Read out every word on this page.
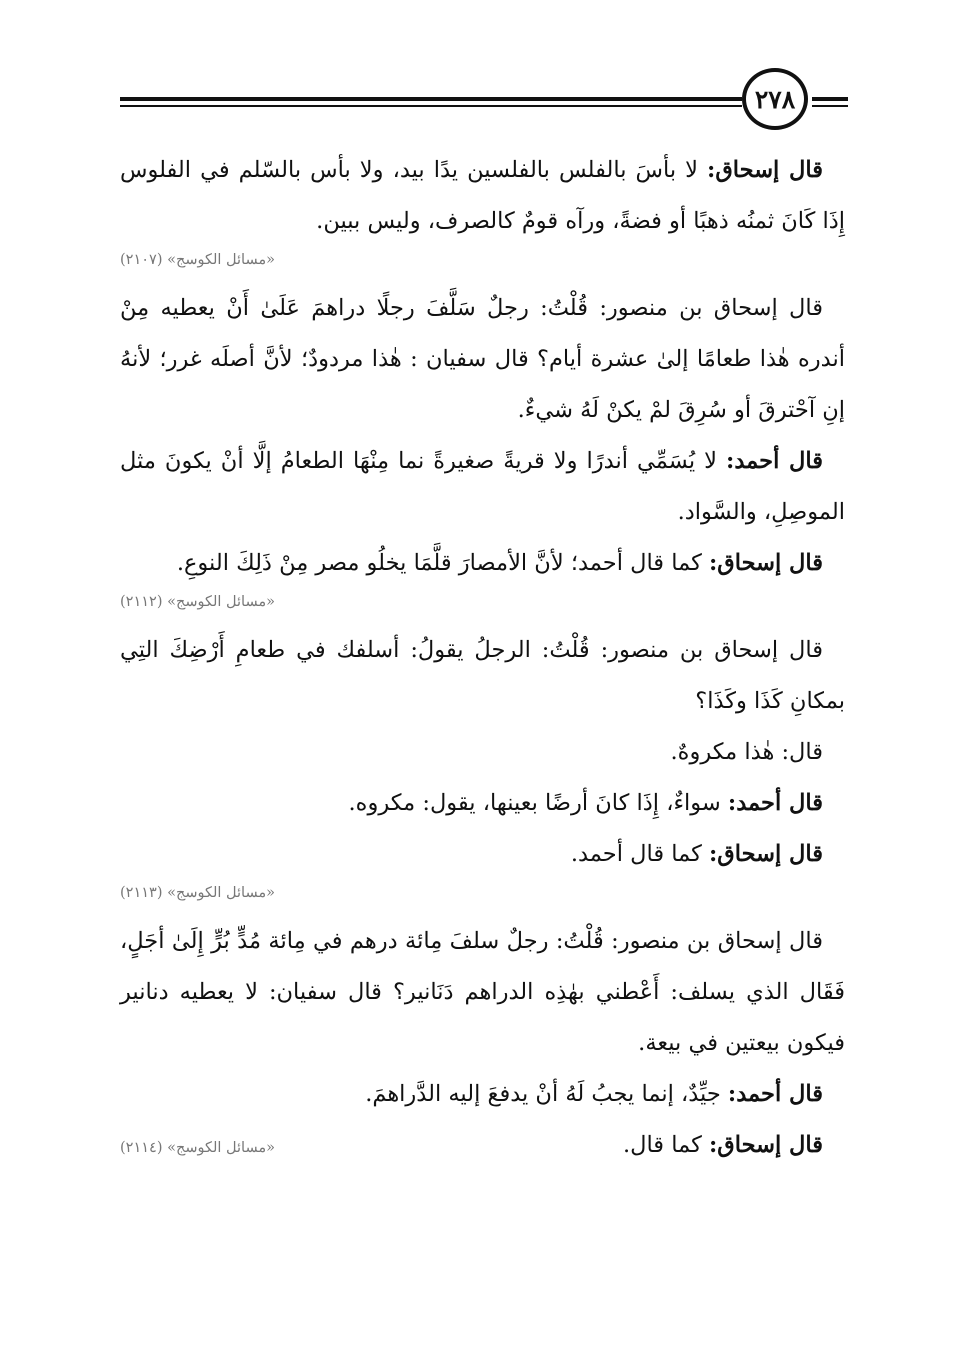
٢٧٨

قال إسحاق: لا بأسَ بالفلس بالفلسين يدًا بيد، ولا بأس بالسّلم في الفلوس إِذَا كَانَ ثمنُه ذهبًا أو فضةً، ورآه قومٌ كالصرف، وليس ببين.

«مسائل الكوسج» (٢١٠٧)

قال إسحاق بن منصور: قُلْتُ: رجلٌ سَلَّفَ رجلًا دراهمَ عَلَىٰ أَنْ يعطيه مِنْ أندره هٰذا طعامًا إلىٰ عشرة أيام؟ قال سفيان : هٰذا مردودٌ؛ لأنَّ أصلَه غرر؛ لأنهُ إنِ آحْترقَ أو سُرِقَ لمْ يكنْ لَهُ شيءٌ.

قال أحمد: لا يُسَمِّي أندرًا ولا قريةً صغيرةً نما مِنْهَا الطعامُ إلَّا أنْ يكونَ مثل الموصِلِ، والسَّواد.

قال إسحاق: كما قال أحمد؛ لأنَّ الأمصارَ قلَّمَا يخلُو مصر مِنْ ذَلِكَ النوعِ.

«مسائل الكوسج» (٢١١٢)

قال إسحاق بن منصور: قُلْتُ: الرجلُ يقولُ: أسلفك في طعامِ أَرْضِكَ التِي بمكانِ كَذَا وكَذَا؟

قال: هٰذا مكروهٌ.

قال أحمد: سواءٌ، إِذَا كانَ أرضًا بعينها، يقول: مكروه.

قال إسحاق: كما قال أحمد.

«مسائل الكوسج» (٢١١٣)

قال إسحاق بن منصور: قُلْتُ: رجلٌ سلفَ مِائة درهم في مِائة مُدٍّ بُرٍّ إِلَىٰ أجَلٍ، فَقَال الذي يسلف: أَعْطني بهٰذِه الدراهم دَنَانير؟ قال سفيان: لا يعطيه دنانير فيكون بيعتين في بيعة.

قال أحمد: جيِّدٌ، إنما يجبُ لَهُ أنْ يدفعَ إليه الدَّراهمَ.

قال إسحاق: كما قال.

«مسائل الكوسج» (٢١١٤)
